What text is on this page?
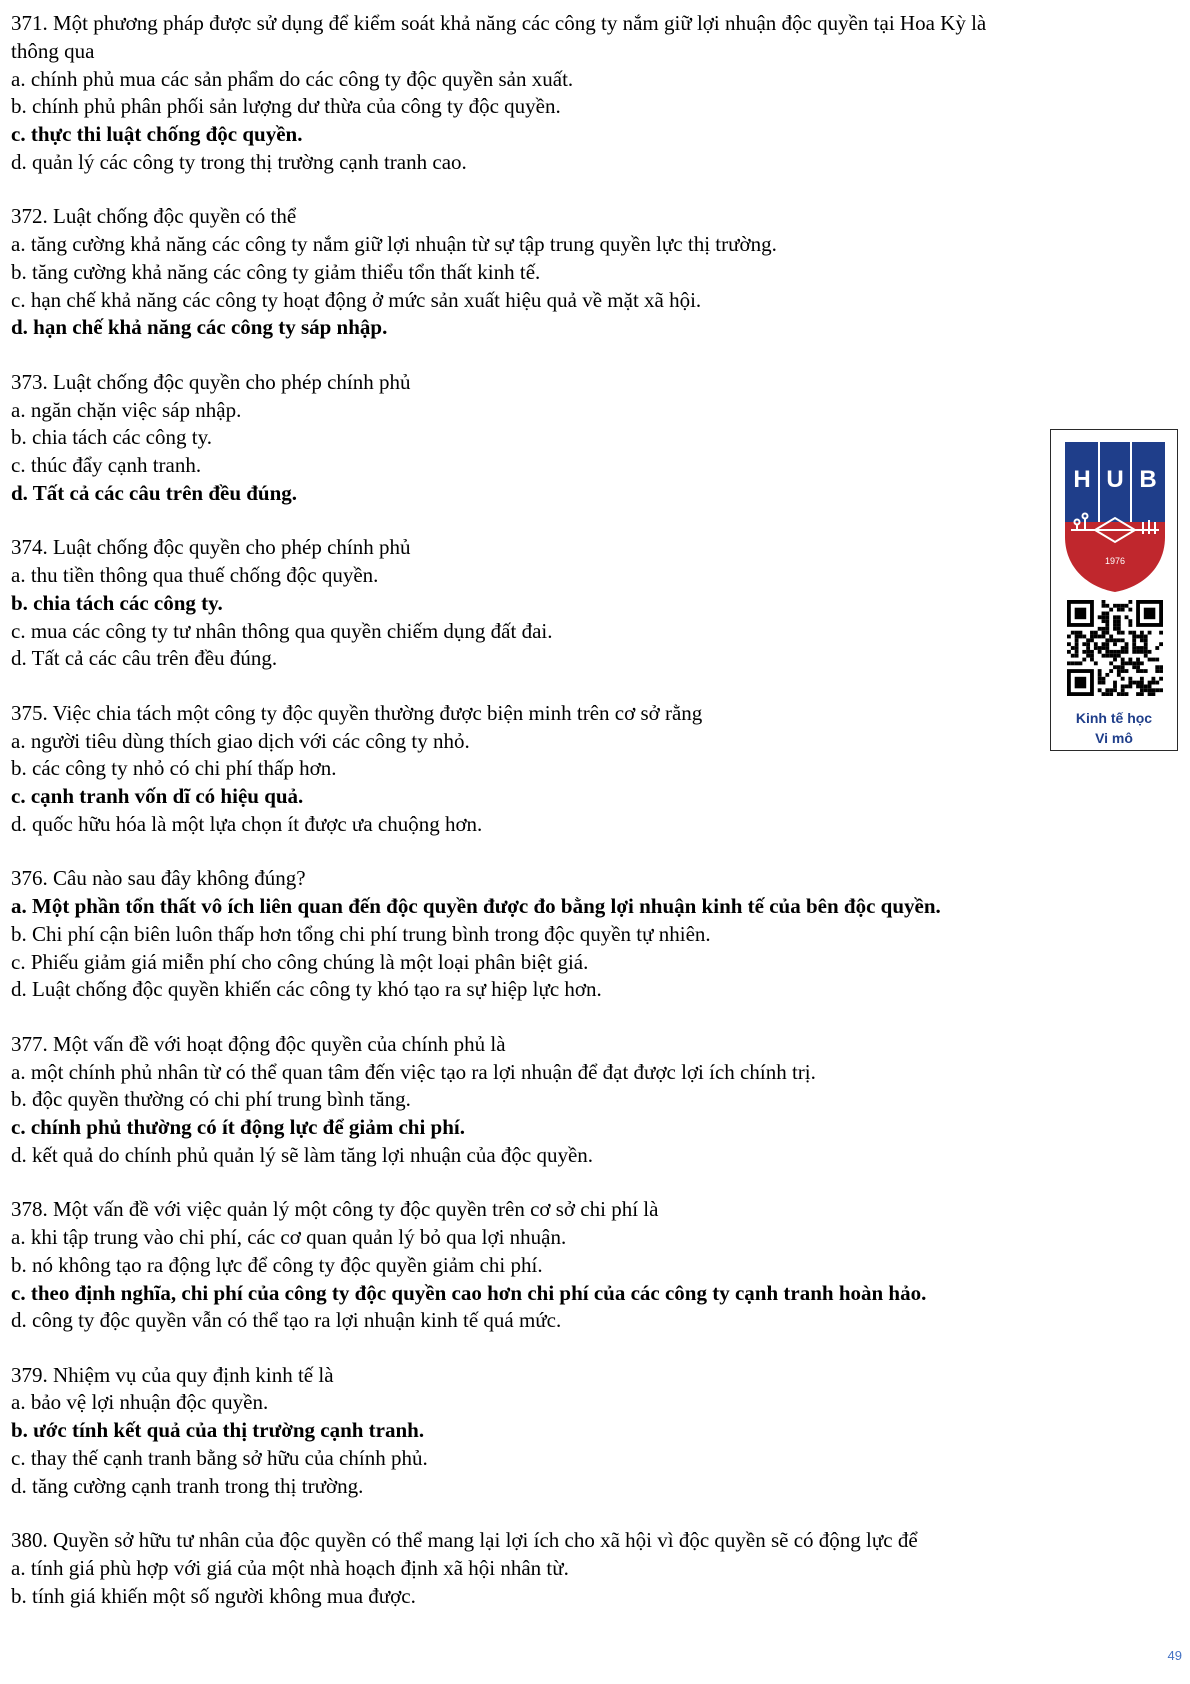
371. Một phương pháp được sử dụng để kiểm soát khả năng các công ty nắm giữ lợi nhuận độc quyền tại Hoa Kỳ là
thông qua
a. chính phủ mua các sản phẩm do các công ty độc quyền sản xuất.
b. chính phủ phân phối sản lượng dư thừa của công ty độc quyền.
c. thực thi luật chống độc quyền.
d. quản lý các công ty trong thị trường cạnh tranh cao.
372. Luật chống độc quyền có thể
a. tăng cường khả năng các công ty nắm giữ lợi nhuận từ sự tập trung quyền lực thị trường.
b. tăng cường khả năng các công ty giảm thiểu tổn thất kinh tế.
c. hạn chế khả năng các công ty hoạt động ở mức sản xuất hiệu quả về mặt xã hội.
d. hạn chế khả năng các công ty sáp nhập.
373. Luật chống độc quyền cho phép chính phủ
a. ngăn chặn việc sáp nhập.
b. chia tách các công ty.
c. thúc đẩy cạnh tranh.
d. Tất cả các câu trên đều đúng.
374. Luật chống độc quyền cho phép chính phủ
a. thu tiền thông qua thuế chống độc quyền.
b. chia tách các công ty.
c. mua các công ty tư nhân thông qua quyền chiếm dụng đất đai.
d. Tất cả các câu trên đều đúng.
375. Việc chia tách một công ty độc quyền thường được biện minh trên cơ sở rằng
a. người tiêu dùng thích giao dịch với các công ty nhỏ.
b. các công ty nhỏ có chi phí thấp hơn.
c. cạnh tranh vốn dĩ có hiệu quả.
d. quốc hữu hóa là một lựa chọn ít được ưa chuộng hơn.
376. Câu nào sau đây không đúng?
a. Một phần tổn thất vô ích liên quan đến độc quyền được đo bằng lợi nhuận kinh tế của bên độc quyền.
b. Chi phí cận biên luôn thấp hơn tổng chi phí trung bình trong độc quyền tự nhiên.
c. Phiếu giảm giá miễn phí cho công chúng là một loại phân biệt giá.
d. Luật chống độc quyền khiến các công ty khó tạo ra sự hiệp lực hơn.
377. Một vấn đề với hoạt động độc quyền của chính phủ là
a. một chính phủ nhân từ có thể quan tâm đến việc tạo ra lợi nhuận để đạt được lợi ích chính trị.
b. độc quyền thường có chi phí trung bình tăng.
c. chính phủ thường có ít động lực để giảm chi phí.
d. kết quả do chính phủ quản lý sẽ làm tăng lợi nhuận của độc quyền.
378. Một vấn đề với việc quản lý một công ty độc quyền trên cơ sở chi phí là
a. khi tập trung vào chi phí, các cơ quan quản lý bỏ qua lợi nhuận.
b. nó không tạo ra động lực để công ty độc quyền giảm chi phí.
c. theo định nghĩa, chi phí của công ty độc quyền cao hơn chi phí của các công ty cạnh tranh hoàn hảo.
d. công ty độc quyền vẫn có thể tạo ra lợi nhuận kinh tế quá mức.
379. Nhiệm vụ của quy định kinh tế là
a. bảo vệ lợi nhuận độc quyền.
b. ước tính kết quả của thị trường cạnh tranh.
c. thay thế cạnh tranh bằng sở hữu của chính phủ.
d. tăng cường cạnh tranh trong thị trường.
380. Quyền sở hữu tư nhân của độc quyền có thể mang lại lợi ích cho xã hội vì độc quyền sẽ có động lực để
a. tính giá phù hợp với giá của một nhà hoạch định xã hội nhân từ.
b. tính giá khiến một số người không mua được.
H U B
1976
Kinh tế học
Vi mô
49
